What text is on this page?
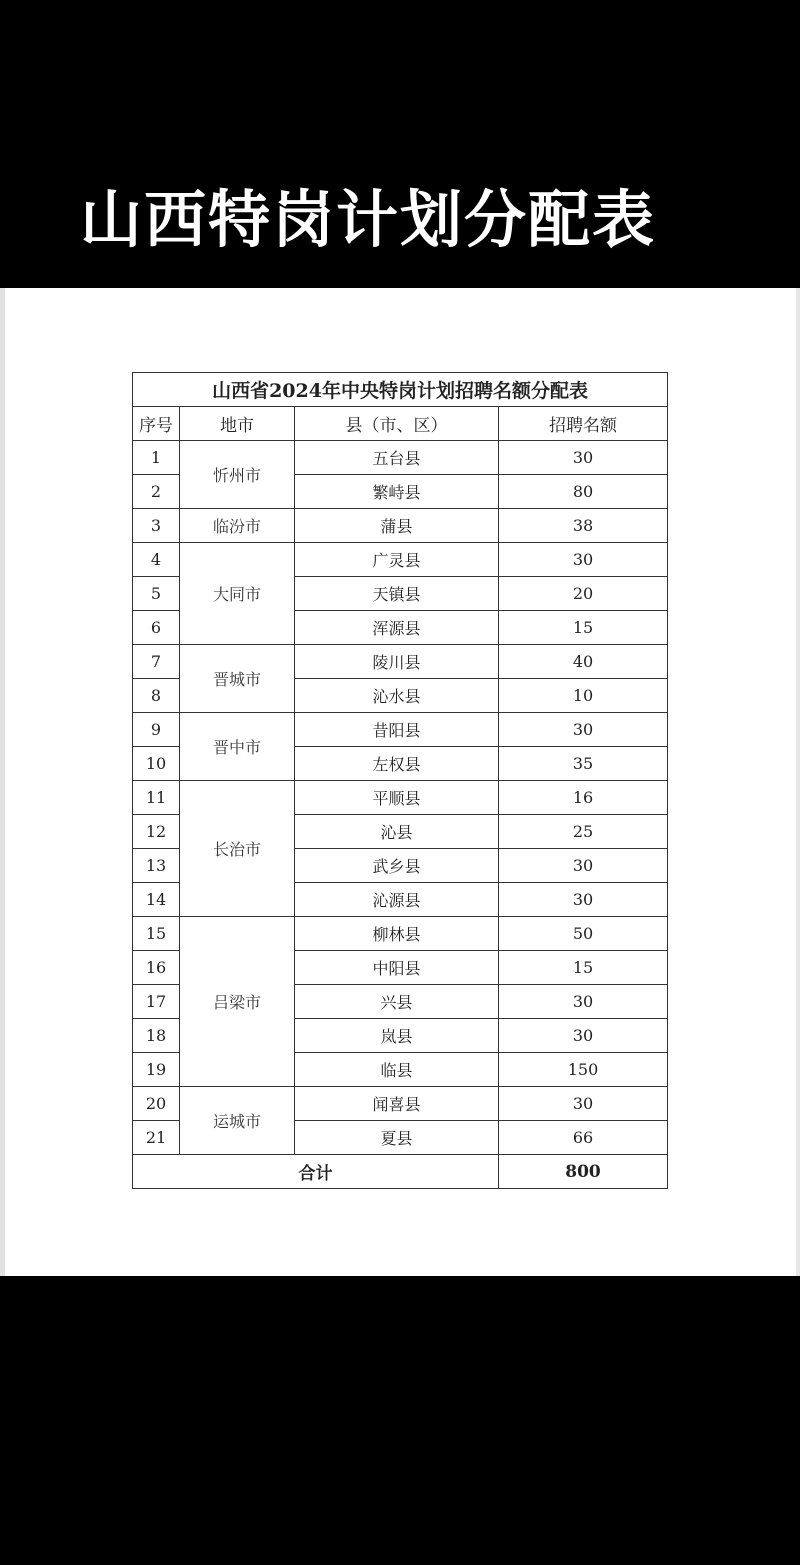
山西特岗计划分配表
山西省2024年中央特岗计划招聘名额分配表			
序号	地市	县（市、区）	招聘名额
1	忻州市	五台县	30
2		繁峙县	80
3	临汾市	蒲县	38
4	大同市	广灵县	30
5		天镇县	20
6		浑源县	15
7	晋城市	陵川县	40
8		沁水县	10
9	晋中市	昔阳县	30
10		左权县	35
11	长治市	平顺县	16
12		沁县	25
13		武乡县	30
14		沁源县	30
15	吕梁市	柳林县	50
16		中阳县	15
17		兴县	30
18		岚县	30
19		临县	150
20	运城市	闻喜县	30
21		夏县	66
合计			800
